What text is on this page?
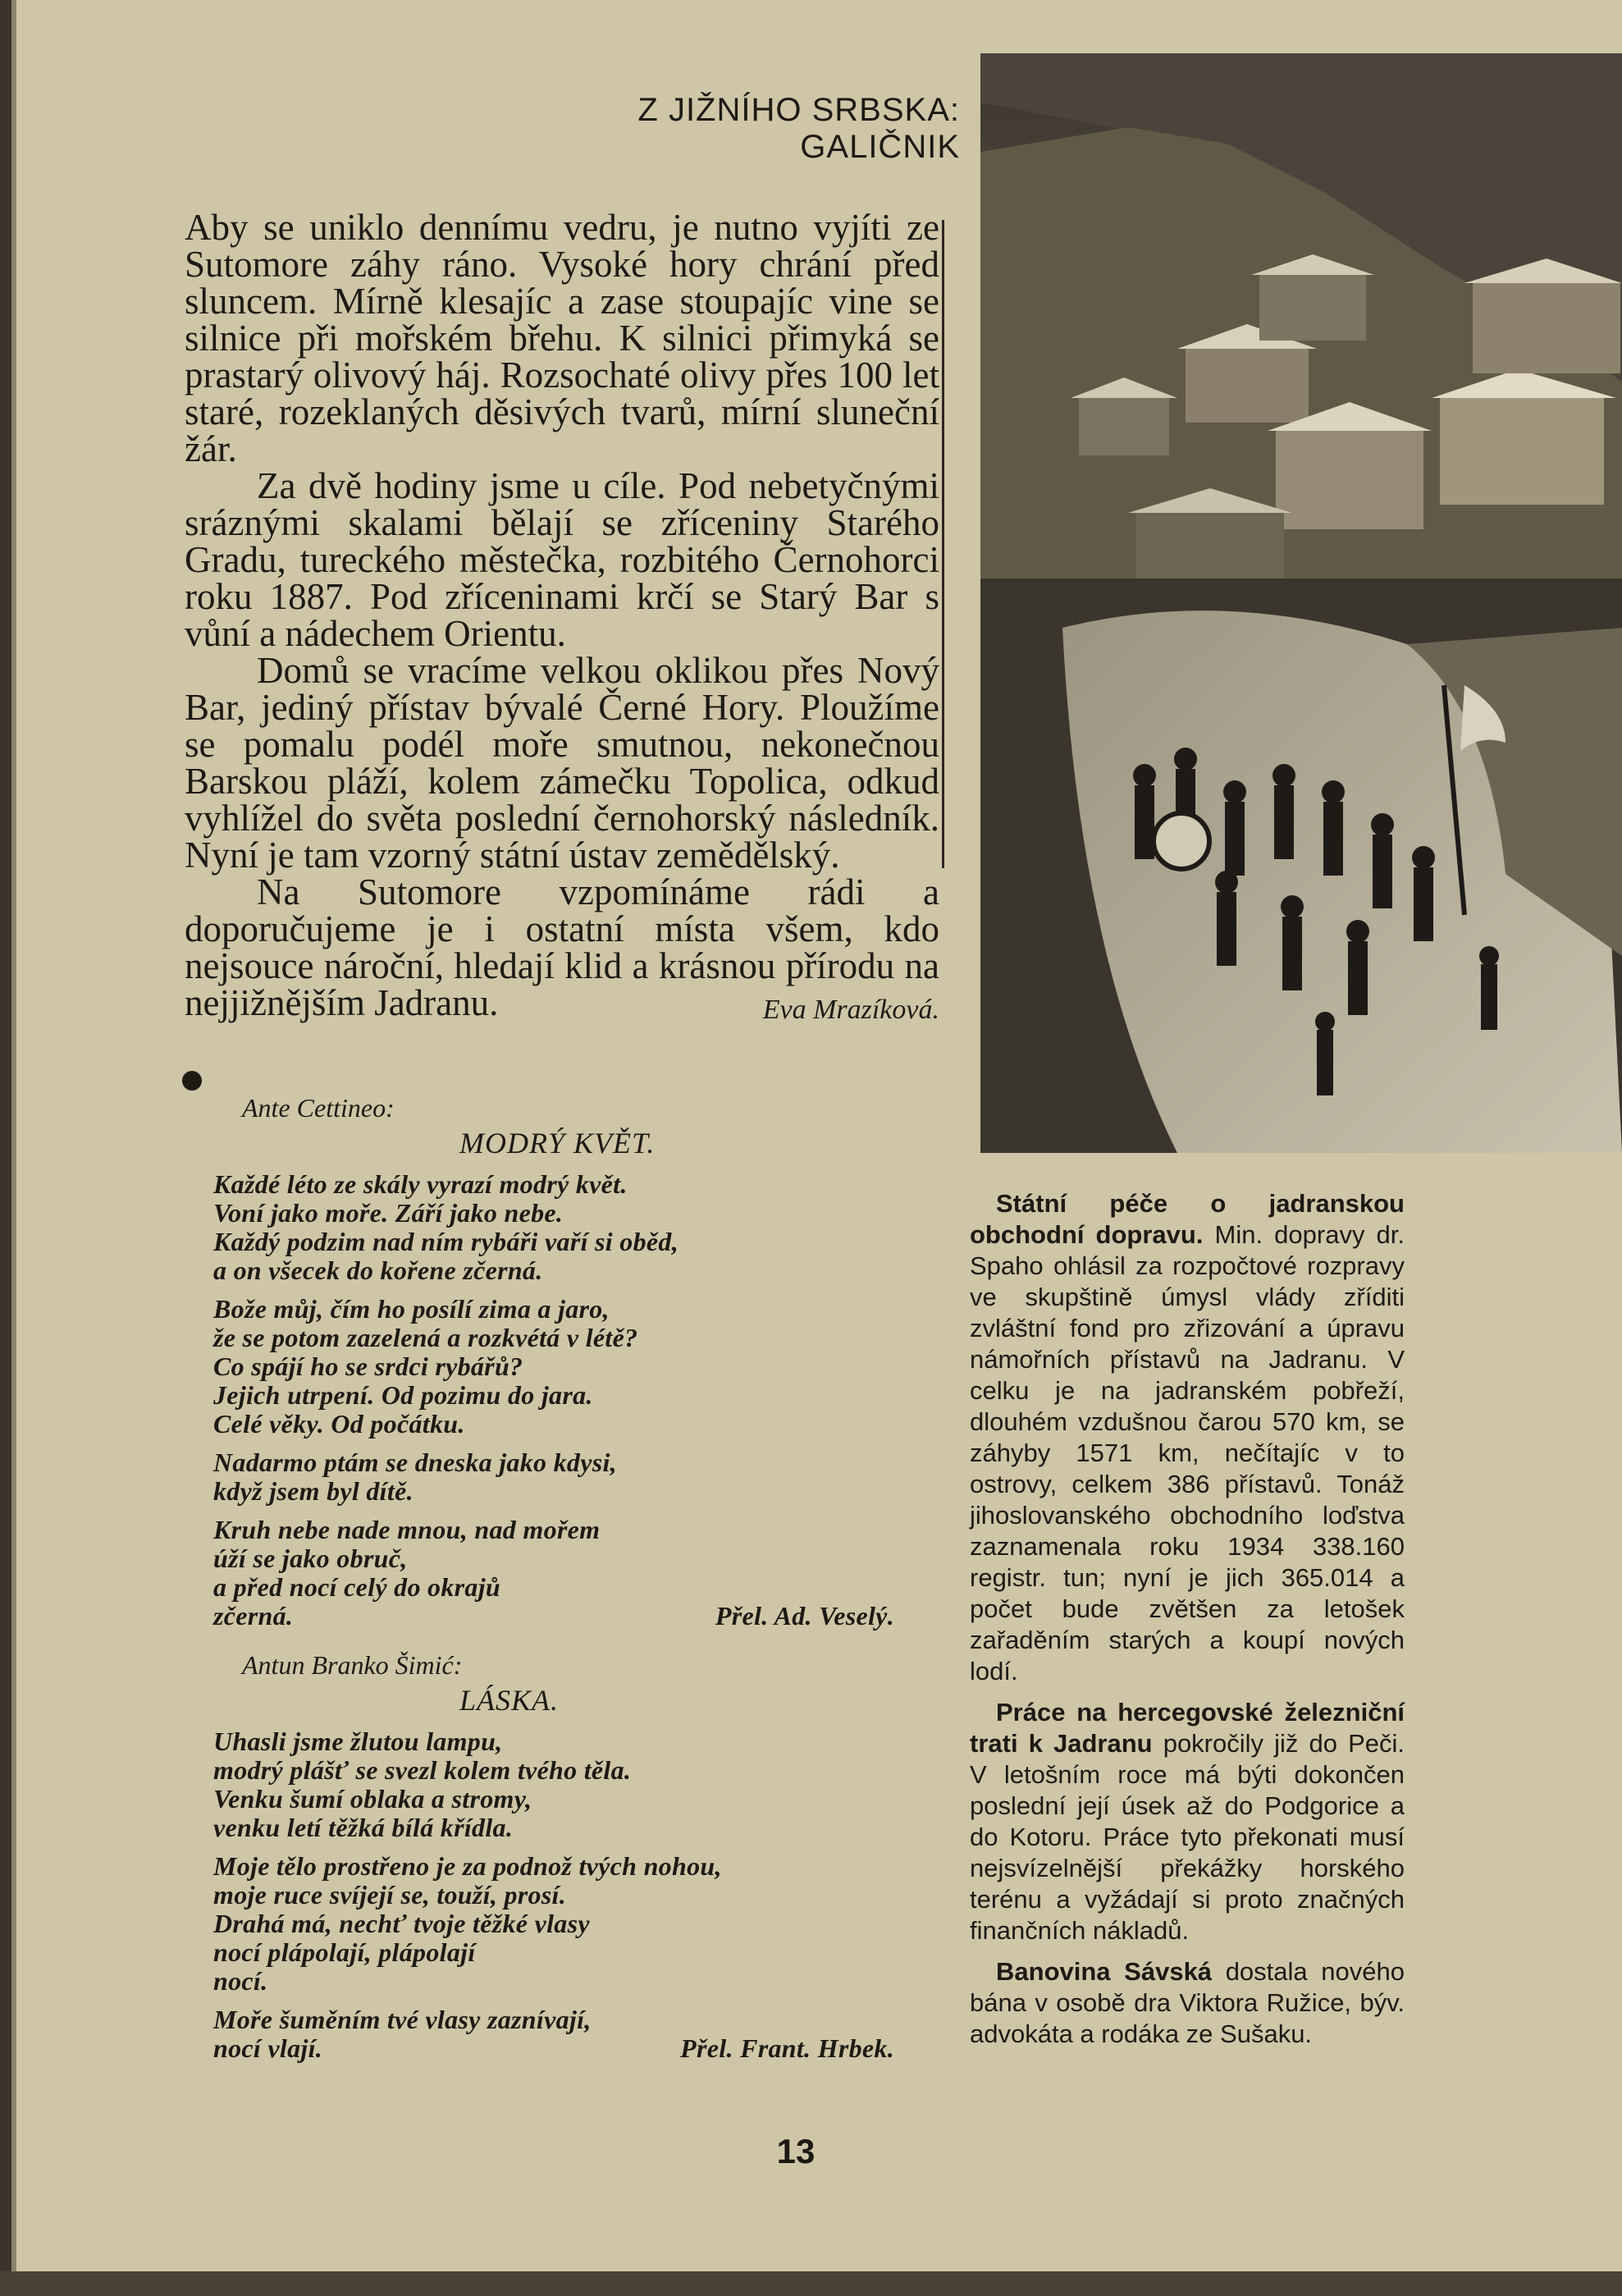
Z JIŽNÍHO SRBSKA: GALIČNIK

Aby se uniklo dennímu vedru, je nutno vyjíti ze Sutomore záhy ráno. Vysoké hory chrání před sluncem. Mírně klesajíc a zase stoupajíc vine se silnice při mořském břehu. K silnici přimyká se prastarý olivový háj. Rozsochaté olivy přes 100 let staré, rozeklaných děsivých tvarů, mírní sluneční žár.

Za dvě hodiny jsme u cíle. Pod nebetyčnými sráznými skalami bělají se zříceniny Starého Gradu, tureckého městečka, rozbitého Černohorci roku 1887. Pod zříceninami krčí se Starý Bar s vůní a nádechem Orientu.

Domů se vracíme velkou oklikou přes Nový Bar, jediný přístav bývalé Černé Hory. Ploužíme se pomalu podél moře smutnou, nekonečnou Barskou pláží, kolem zámečku Topolica, odkud vyhlížel do světa poslední černohorský následník. Nyní je tam vzorný státní ústav zemědělský.

Na Sutomore vzpomínáme rádi a doporučujeme je i ostatní místa všem, kdo nejsouce nároční, hledají klid a krásnou přírodu na nejjižnějším Jadranu.	Eva Mrazíková.

Ante Cettineo:
MODRÝ KVĚT.
Každé léto ze skály vyrazí modrý květ.
Voní jako moře. Září jako nebe.
Každý podzim nad ním rybáři vaří si oběd,
a on všecek do kořene zčerná.
Bože můj, čím ho posílí zima a jaro,
že se potom zazelená a rozkvétá v létě?
Co spájí ho se srdci rybářů?
Jejich utrpení. Od pozimu do jara.
Celé věky. Od počátku.
Nadarmo ptám se dneska jako kdysi,
když jsem byl dítě.
Kruh nebe nade mnou, nad mořem
úží se jako obruč,
a před nocí celý do okrajů
zčerná.	Přel. Ad. Veselý.
Antun Branko Šimić:
LÁSKA.
Uhasli jsme žlutou lampu,
modrý plášť se svezl kolem tvého těla.
Venku šumí oblaka a stromy,
venku letí těžká bílá křídla.
Moje tělo prostřeno je za podnož tvých nohou,
moje ruce svíjejí se, touží, prosí.
Drahá má, nechť tvoje těžké vlasy
nocí plápolají, plápolají
nocí.
Moře šuměním tvé vlasy zaznívají,
nocí vlají.	Přel. Frant. Hrbek.

Státní péče o jadranskou obchodní dopravu. Min. dopravy dr. Spaho ohlásil za rozpočtové rozpravy ve skupštině úmysl vlády zříditi zvláštní fond pro zřizování a úpravu námořních přístavů na Jadranu. V celku je na jadranském pobřeží, dlouhém vzdušnou čarou 570 km, se záhyby 1571 km, nečítajíc v to ostrovy, celkem 386 přístavů. Tonáž jihoslovanského obchodního loďstva zaznamenala roku 1934 338.160 registr. tun; nyní je jich 365.014 a počet bude zvětšen za letošek zařaděním starých a koupí nových lodí.

Práce na hercegovské železniční trati k Jadranu pokročily již do Peči. V letošním roce má býti dokončen poslední její úsek až do Podgorice a do Kotoru. Práce tyto překonati musí nejsvízelnější překážky horského terénu a vyžádají si proto značných finančních nákladů.

Banovina Sávská dostala nového bána v osobě dra Viktora Ružice, býv. advokáta a rodáka ze Sušaku.

13
